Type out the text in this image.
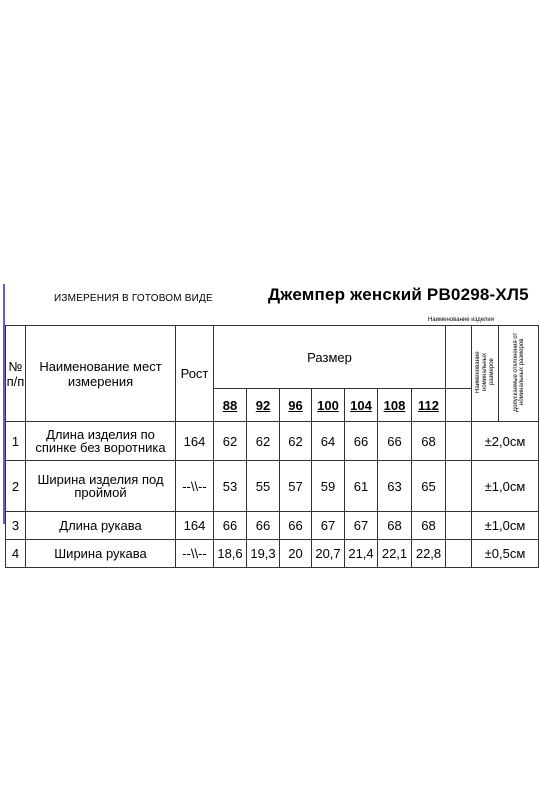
ИЗМЕРЕНИЯ В ГОТОВОМ ВИДЕ	Джемпер женский РВ0298-ХЛ5
Наименование изделия
№ п/п	Наименование мест измерения	Рост	Размер								Наименование номинальных размеров	Допускаемые отклонения от номинальных размеров
			88	92	96	100	104	108	112			
1	Длина изделия по спинке без воротника	164	62	62	62	64	66	66	68		±2,0см	
2	Ширина изделия под проймой	--\\--	53	55	57	59	61	63	65		±1,0см	
3	Длина рукава	164	66	66	66	67	67	68	68		±1,0см	
4	Ширина рукава	--\\--	18,6	19,3	20	20,7	21,4	22,1	22,8		±0,5см	
